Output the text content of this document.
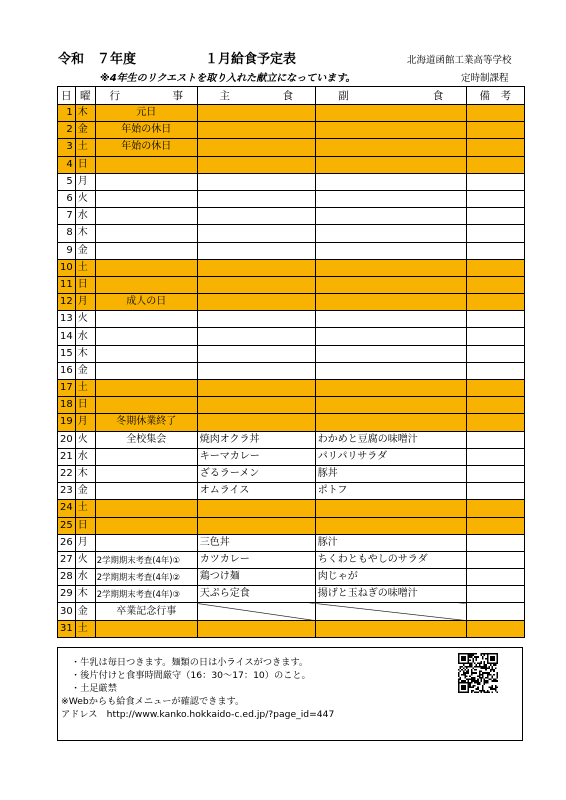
令和　７年度	１月給食予定表	北海道函館工業高等学校
※4年生のリクエストを取り入れた献立になっています。	定時制課程
日	曜	行　　　　　事	主　　　　　食	副　　　　　　　　食	備　考
1	木	元日			
2	金	年始の休日			
3	土	年始の休日			
4	日				
5	月				
6	火				
7	水				
8	木				
9	金				
10	土				
11	日				
12	月	成人の日			
13	火				
14	水				
15	木				
16	金				
17	土				
18	日				
19	月	冬期休業終了			
20	火	全校集会	焼肉オクラ丼	わかめと豆腐の味噌汁	
21	水		キーマカレー	パリパリサラダ	
22	木		ざるラーメン	豚丼	
23	金		オムライス	ポトフ	
24	土				
25	日				
26	月		三色丼	豚汁	
27	火	2学期期末考査(4年)①	カツカレー	ちくわともやしのサラダ	
28	水	2学期期末考査(4年)②	鶏つけ麺	肉じゃが	
29	木	2学期期末考査(4年)③	天ぷら定食	揚げと玉ねぎの味噌汁	
30	金	卒業記念行事			
31	土				
・牛乳は毎日つきます。麺類の日は小ライスがつきます。
・後片付けと食事時間厳守（16：30～17：10）のこと。
・土足厳禁
※Webからも給食メニューが確認できます。
アドレス　http://www.kanko.hokkaido-c.ed.jp/?page_id=447
